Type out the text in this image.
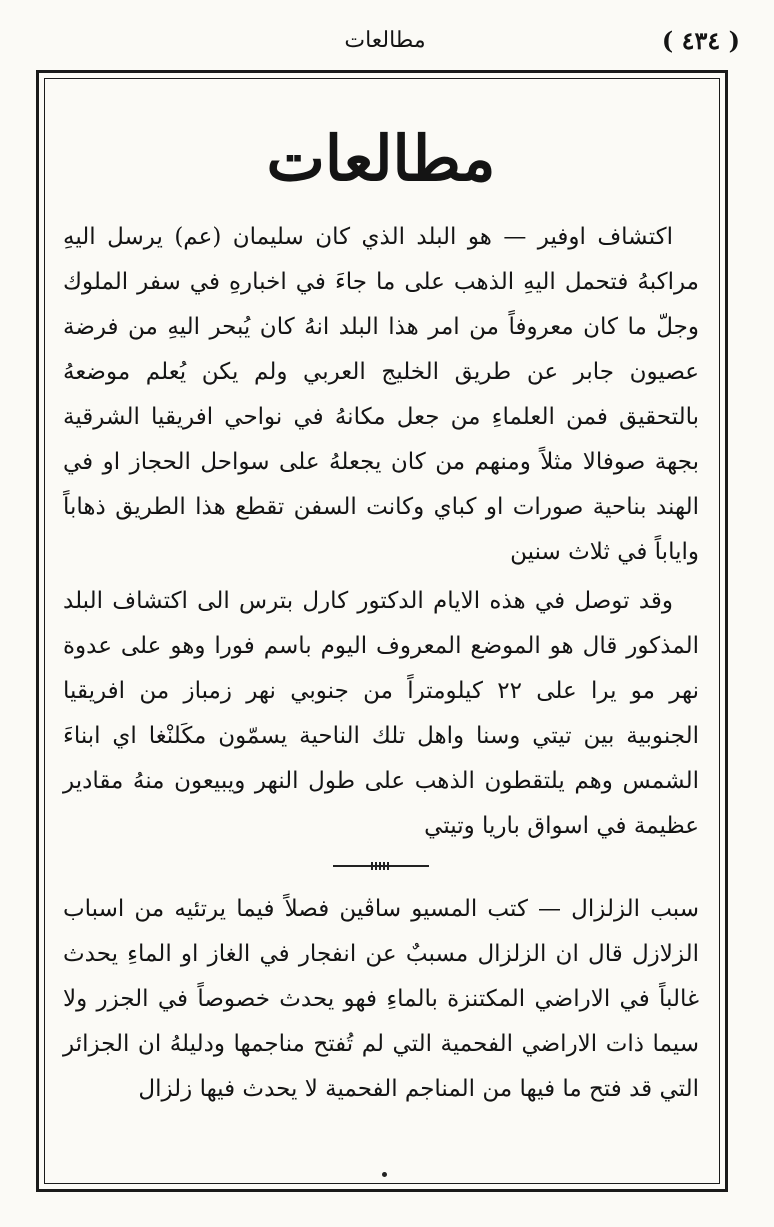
( ٤٣٤ )
مطالعات
مطالعات

اكتشاف اوفير — هو البلد الذي كان سليمان (عم) يرسل اليهِ مراكبهُ فتحمل اليهِ الذهب على ما جاءَ في اخبارهِ في سفر الملوك وجلّ ما كان معروفاً من امر هذا البلد انهُ كان يُبحر اليهِ من فرضة عصيون جابر عن طريق الخليج العربي ولم يكن يُعلم موضعهُ بالتحقيق فمن العلماءِ من جعل مكانهُ في نواحي افريقيا الشرقية بجهة صوفالا مثلاً ومنهم من كان يجعلهُ على سواحل الحجاز او في الهند بناحية صورات او كباي وكانت السفن تقطع هذا الطريق ذهاباً واياباً في ثلاث سنين

وقد توصل في هذه الايام الدكتور كارل بترس الى اكتشاف البلد المذكور قال هو الموضع المعروف اليوم باسم فورا وهو على عدوة نهر مو يرا على ٢٢ كيلومتراً من جنوبي نهر زمباز من افريقيا الجنوبية بين تيتي وسنا واهل تلك الناحية يسمّون مكَلنْغا اي ابناءَ الشمس وهم يلتقطون الذهب على طول النهر ويبيعون منهُ مقادير عظيمة في اسواق باريا وتيتي

سبب الزلزال — كتب المسيو ساڤين فصلاً فيما يرتئيه من اسباب الزلازل قال ان الزلزال مسببٌ عن انفجار في الغاز او الماءِ يحدث غالباً في الاراضي المكتنزة بالماءِ فهو يحدث خصوصاً في الجزر ولا سيما ذات الاراضي الفحمية التي لم تُفتح مناجمها ودليلهُ ان الجزائر التي قد فتح ما فيها من المناجم الفحمية لا يحدث فيها زلزال
